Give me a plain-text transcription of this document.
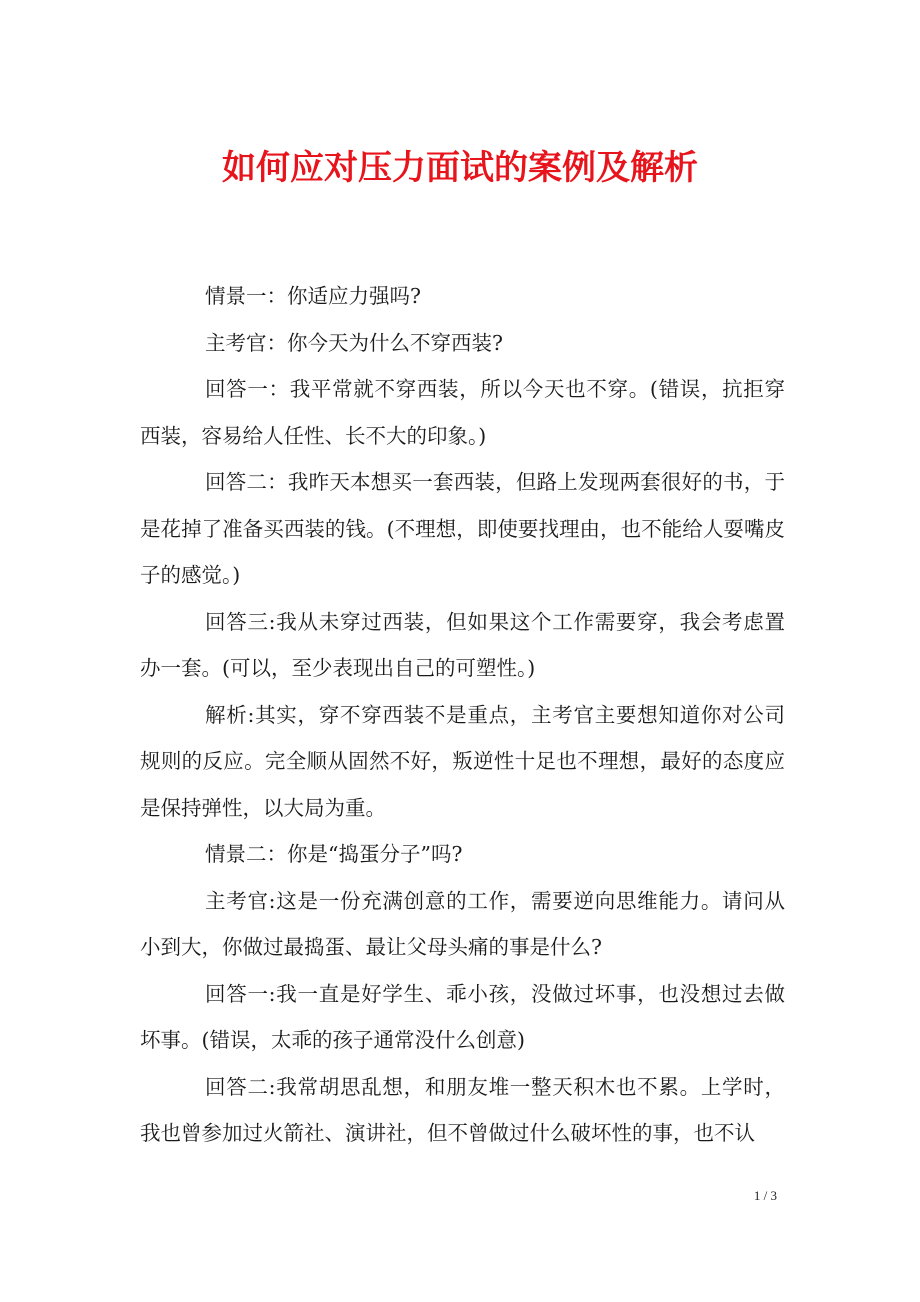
如何应对压力面试的案例及解析

情景一：你适应力强吗?

主考官：你今天为什么不穿西装?

回答一：我平常就不穿西装，所以今天也不穿。(错误，抗拒穿西装，容易给人任性、长不大的印象。)

回答二：我昨天本想买一套西装，但路上发现两套很好的书，于是花掉了准备买西装的钱。(不理想，即使要找理由，也不能给人耍嘴皮子的感觉。)

回答三:我从未穿过西装，但如果这个工作需要穿，我会考虑置办一套。(可以，至少表现出自己的可塑性。)

解析:其实，穿不穿西装不是重点，主考官主要想知道你对公司规则的反应。完全顺从固然不好，叛逆性十足也不理想，最好的态度应是保持弹性，以大局为重。

情景二：你是“捣蛋分子”吗?

主考官:这是一份充满创意的工作，需要逆向思维能力。请问从小到大，你做过最捣蛋、最让父母头痛的事是什么?

回答一:我一直是好学生、乖小孩，没做过坏事，也没想过去做坏事。(错误，太乖的孩子通常没什么创意)

回答二:我常胡思乱想，和朋友堆一整天积木也不累。上学时，我也曾参加过火箭社、演讲社，但不曾做过什么破坏性的事，也不认

1 / 3
